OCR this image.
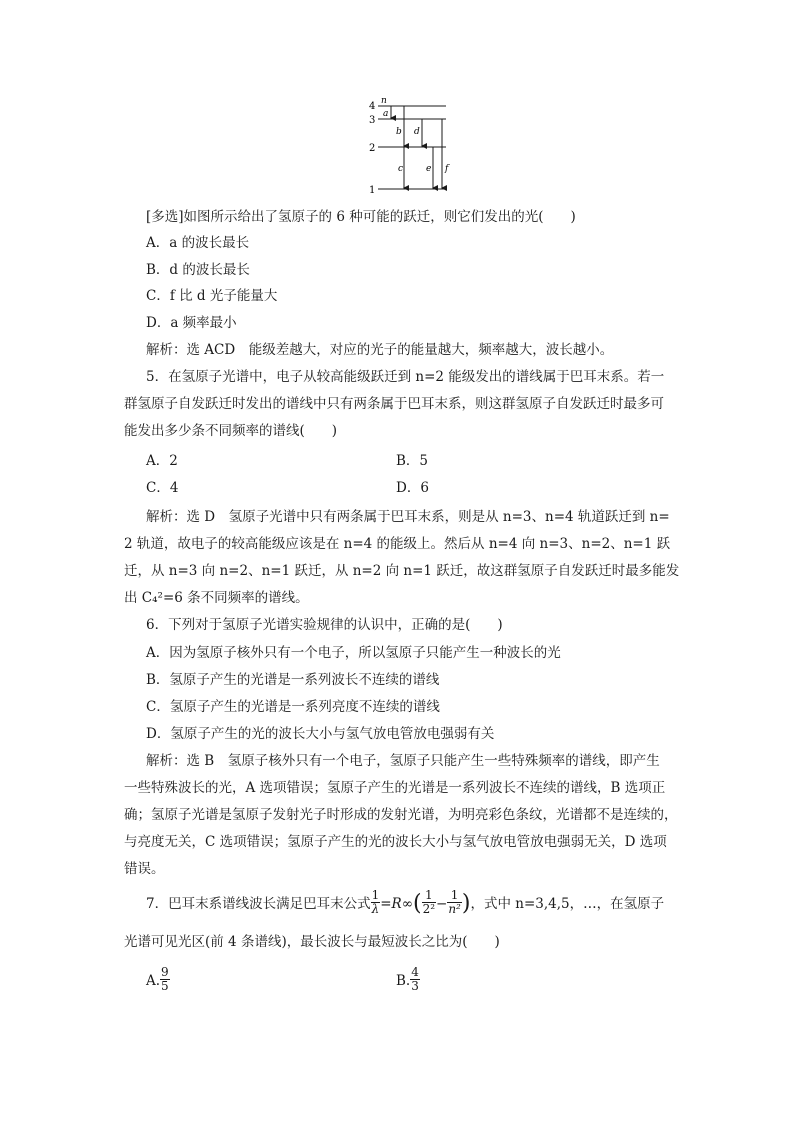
4
3
2
1
n
a
b
c
d
e f
[多选]如图所示给出了氢原子的 6 种可能的跃迁，则它们发出的光(　　)
A．a 的波长最长
B．d 的波长最长
C．f 比 d 光子能量大
D．a 频率最小
解析：选 ACD　能级差越大，对应的光子的能量越大，频率越大，波长越小。
5．在氢原子光谱中，电子从较高能级跃迁到 n=2 能级发出的谱线属于巴耳末系。若一
群氢原子自发跃迁时发出的谱线中只有两条属于巴耳末系，则这群氢原子自发跃迁时最多可
能发出多少条不同频率的谱线(　　)
A．2	B．5
C．4	D．6
解析：选 D　氢原子光谱中只有两条属于巴耳末系，则是从 n=3、n=4 轨道跃迁到 n=
2 轨道，故电子的较高能级应该是在 n=4 的能级上。然后从 n=4 向 n=3、n=2、n=1 跃
迁，从 n=3 向 n=2、n=1 跃迁，从 n=2 向 n=1 跃迁，故这群氢原子自发跃迁时最多能发
出 C₄²=6 条不同频率的谱线。
6．下列对于氢原子光谱实验规律的认识中，正确的是(　　)
A．因为氢原子核外只有一个电子，所以氢原子只能产生一种波长的光
B．氢原子产生的光谱是一系列波长不连续的谱线
C．氢原子产生的光谱是一系列亮度不连续的谱线
D．氢原子产生的光的波长大小与氢气放电管放电强弱有关
解析：选 B　氢原子核外只有一个电子，氢原子只能产生一些特殊频率的谱线，即产生
一些特殊波长的光，A 选项错误；氢原子产生的光谱是一系列波长不连续的谱线，B 选项正
确；氢原子光谱是氢原子发射光子时形成的发射光谱，为明亮彩色条纹，光谱都不是连续的，
与亮度无关，C 选项错误；氢原子产生的光的波长大小与氢气放电管放电强弱无关，D 选项
错误。
7．巴耳末系谱线波长满足巴耳末公式 $\frac{1}{\lambda} =R\infty( \frac{1}{\text{2²}} - \frac{1}{\text{n²}}$ )，式中 n=3,4,5，…，在氢原子
光谱可见光区(前 4 条谱线)，最长波长与最短波长之比为(　　)
A. $\frac{9}{5}$	B. $\frac{4}{3}$
